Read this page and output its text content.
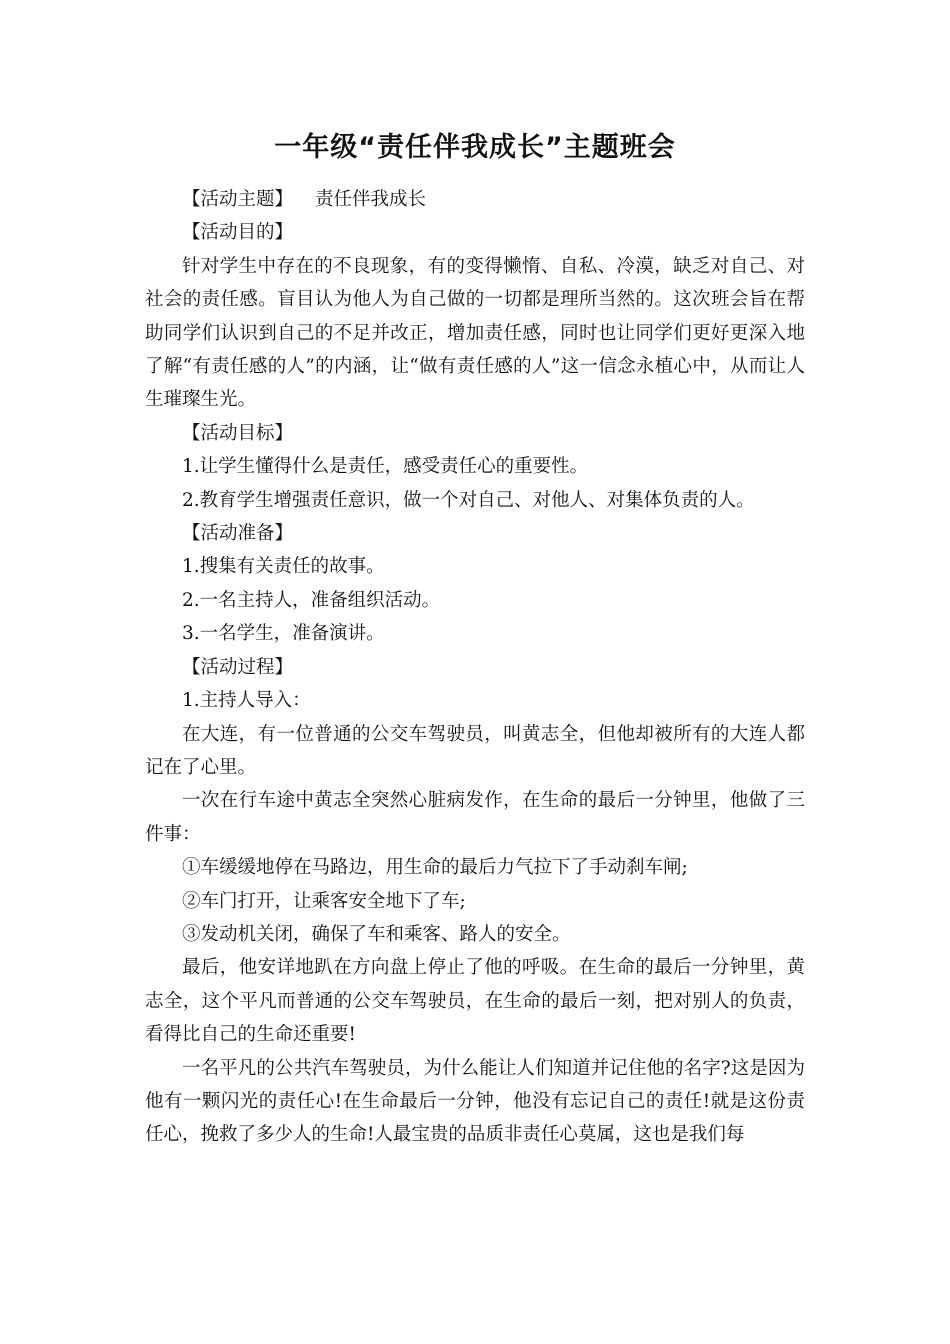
一年级“责任伴我成长”主题班会

【活动主题】 责任伴我成长

【活动目的】

针对学生中存在的不良现象，有的变得懒惰、自私、冷漠，缺乏对自己、对社会的责任感。盲目认为他人为自己做的一切都是理所当然的。这次班会旨在帮助同学们认识到自己的不足并改正，增加责任感，同时也让同学们更好更深入地了解“有责任感的人”的内涵，让“做有责任感的人”这一信念永植心中，从而让人生璀璨生光。

【活动目标】

1.让学生懂得什么是责任，感受责任心的重要性。

2.教育学生增强责任意识，做一个对自己、对他人、对集体负责的人。

【活动准备】

1.搜集有关责任的故事。

2.一名主持人，准备组织活动。

3.一名学生，准备演讲。

【活动过程】

1.主持人导入：

在大连，有一位普通的公交车驾驶员，叫黄志全，但他却被所有的大连人都记在了心里。

一次在行车途中黄志全突然心脏病发作，在生命的最后一分钟里，他做了三件事：

①车缓缓地停在马路边，用生命的最后力气拉下了手动刹车闸;

②车门打开，让乘客安全地下了车;

③发动机关闭，确保了车和乘客、路人的安全。

最后，他安详地趴在方向盘上停止了他的呼吸。在生命的最后一分钟里，黄志全，这个平凡而普通的公交车驾驶员，在生命的最后一刻，把对别人的负责，看得比自己的生命还重要!

一名平凡的公共汽车驾驶员，为什么能让人们知道并记住他的名字?这是因为他有一颗闪光的责任心!在生命最后一分钟，他没有忘记自己的责任!就是这份责任心，挽救了多少人的生命!人最宝贵的品质非责任心莫属，这也是我们每
